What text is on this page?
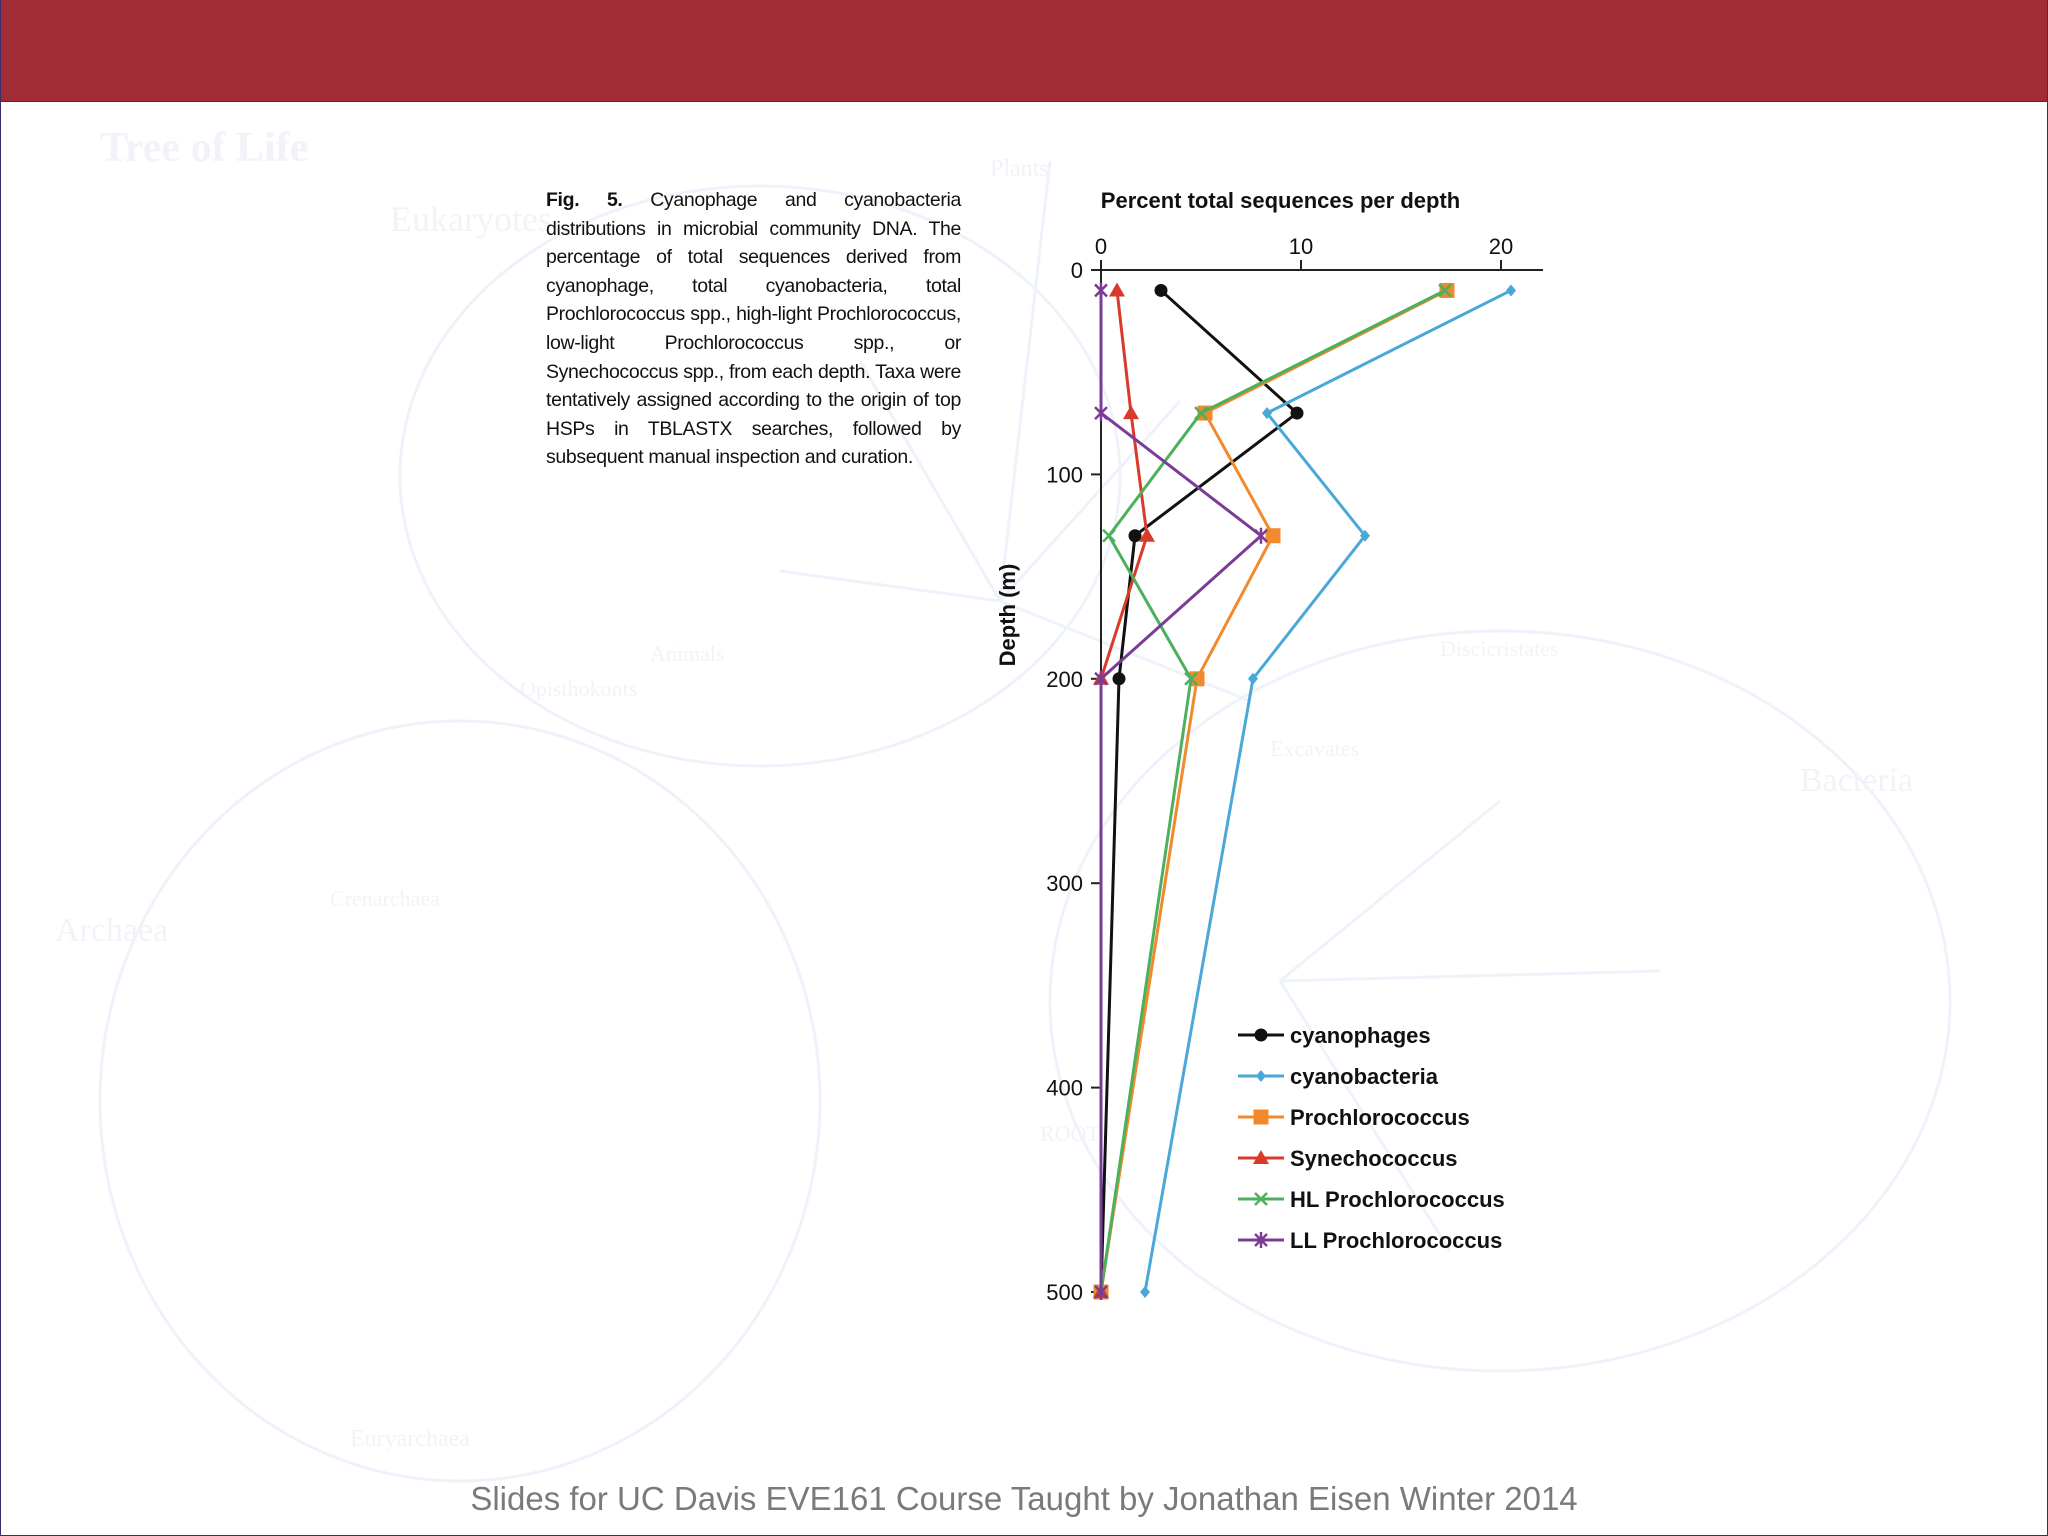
Tree of Life
Eukaryotes
Plants
Animals
Opisthokonts
Crenarchaea
Euryarchaea
Archaea
Bacteria
Excavates
Discicristates
ROOT
Fig. 5. Cyanophage and cyanobacteria distributions in microbial community DNA. The percentage of total sequences derived from cyanophage, total cyanobacteria, total Prochlorococcus spp., high-light Prochlorococcus, low-light Prochlorococcus spp., or Synechococcus spp., from each depth. Taxa were tentatively assigned according to the origin of top HSPs in TBLASTX searches, followed by subsequent manual inspection and curation.
Percent total sequences per depth
0	10	20
0
100
200
300
400
500
Depth (m)
cyanophages
cyanobacteria
Prochlorococcus
Synechococcus
HL Prochlorococcus
LL Prochlorococcus
Slides for UC Davis EVE161 Course Taught by Jonathan Eisen Winter 2014
